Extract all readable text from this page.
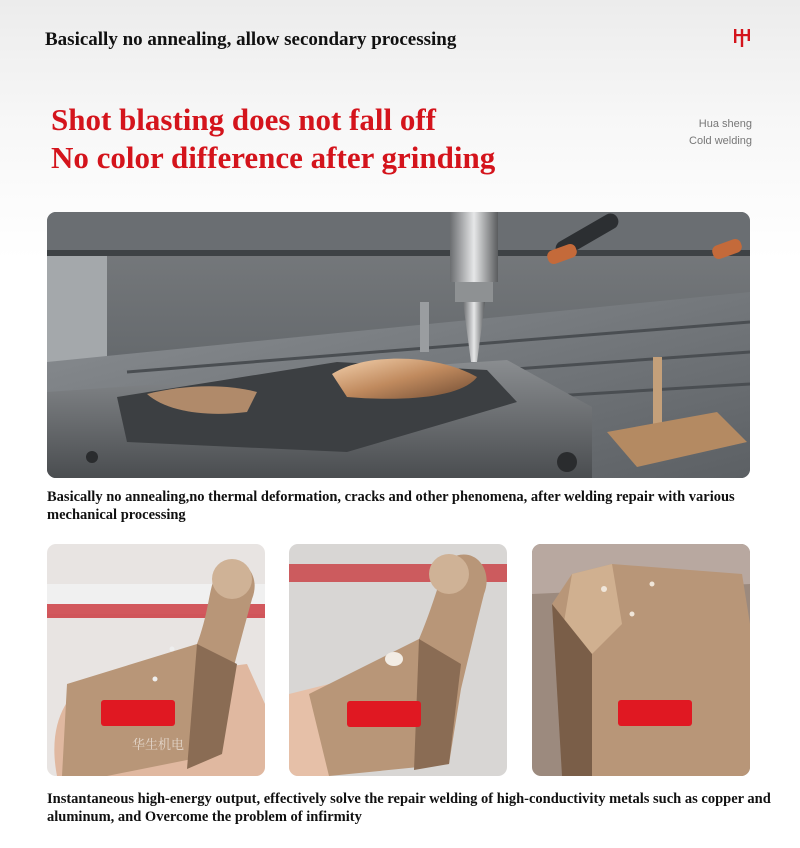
Basically no annealing, allow secondary processing
Shot blasting does not fall off
No color difference after grinding
Hua sheng
Cold welding
Basically no annealing,no thermal deformation, cracks and other phenomena, after welding repair with various mechanical processing
华生机电
Instantaneous high-energy output, effectively solve the repair welding of high-conductivity metals such as copper and aluminum, and Overcome the problem of infirmity
